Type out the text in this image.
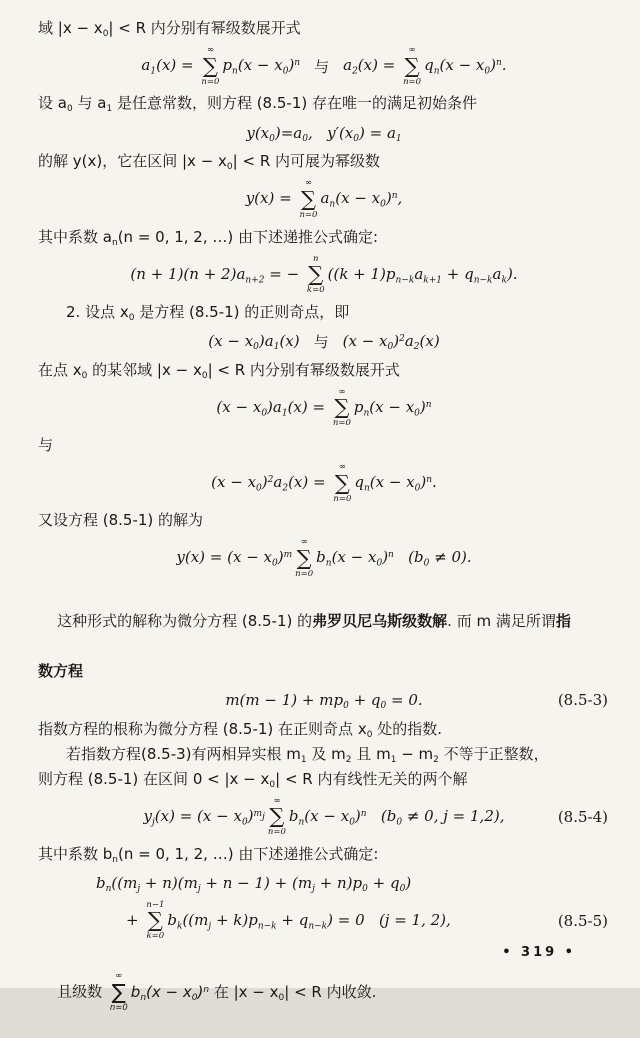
域 $|x - x_0| < R$ 内分别有幂级数展开式
$a_1(x)$ =
∞
∑
n=0
$p_n(x - x_0)^n$ 与 $a_2(x)$ =
∞
∑
n=0
$q_n(x - x_0)^n$.
设 $a_0$ 与 $a_1$ 是任意常数，则方程 (8.5-1) 存在唯一的满足初始条件
$y(x_0)=a_0$,   $y'(x_0) = a_1$
的解 y(x)，它在区间 $|x - x_0| < R$ 内可展为幂级数
y(x) =
∞
∑
n=0
$a_n(x - x_0)^n$,
其中系数 $a_n(n = 0$, 1, 2, …) 由下述递推公式确定:
$(n + 1)(n + 2)a_{n+2}$ = −
n
∑
k=0
$((k + 1)p_{n-k}a_{k+1} + q_{n-k}a_k)$.
2. 设点 $x_0$ 是方程 (8.5-1) 的正则奇点，即
$(x - x_0)a_1(x)$ 与 $(x - x_0)^2a_2(x)$
在点 $x_0$ 的某邻域 $|x - x_0| < R$ 内分别有幂级数展开式
$(x - x_0)a_1(x)$ =
∞
∑
n=0
$p_n(x - x_0)^n$
与
$(x - x_0)^2a_2(x)$ =
∞
∑
n=0
$q_n(x - x_0)^n$.
又设方程 (8.5-1) 的解为
$y(x) = (x - x_0)^m$
∞
∑
n=0
$b_n(x - x_0)^n$   $(b_0 \ne 0)$.

这种形式的解称为微分方程 (8.5-1) 的弗罗贝尼乌斯级数解. 而 m 满足所谓指

数方程
$m(m - 1) + mp_0 + q_0 = 0$.	(8.5-3)
指数方程的根称为微分方程 (8.5-1) 在正则奇点 $x_0$ 处的指数.
若指数方程(8.5-3)有两相异实根 $m_1$ 及 $m_2$ 且 $m_1 - m_2$ 不等于正整数，
则方程 (8.5-1) 在区间 $0 < |x - x_0| < R$ 内有线性无关的两个解
$y_j(x) = (x - x_0)^{m_j}$
∞
∑
n=0
$b_n(x - x_0)^n$   ($b_0 \ne 0$, j = 1,2),	(8.5-4)
其中系数 $b_n(n = 0$, 1, 2, …) 由下述递推公式确定:
$b_n((m_j + n)(m_j + n - 1) + (m_j + n)p_0 + q_0)$
+
n−1
∑
k=0
$b_k((m_j + k)p_{n-k} + q_{n-k}) = 0$   (j = 1, 2),	(8.5-5)

且级数
∞
∑
n=0
$b_n(x - x_0)^n$ 在 $|x - x_0| < R$ 内收敛.

• 319 •
